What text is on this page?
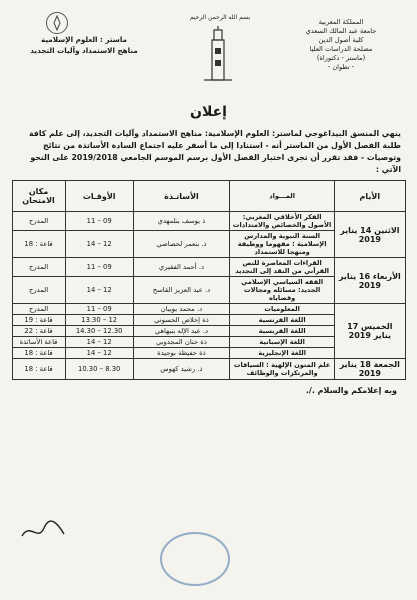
المملكة المغربية
جامعة عبد المالك السعدي
كلية أصول الدين
مصلحة الدراسات العليا
(ماستر - دكتوراة)
- تطوان -
بسم الله الرحمن الرحيم
ماستر : العلوم الإسلامية
مناهج الاستمداد وآليات التجديد
إعلان
ينهي المنسق البيداغوجي لماستر: العلوم الإسلامية: مناهج الاستمداد وآليات التجديد، إلى علم كافة طلبة الفصل الأول من الماستر أنه - استنادا إلى ما أسفر عليه اجتماع السادة الأساتذة من نتائج وتوصيات - فقد تقرر أن تجرى اختبار الفصل الأول برسم الموسم الجامعي 2019/2018 على النحو الآتي :
الأيام	المـــواد	الأساتـذة	الأوقـات	مكان الامتحان
الاثنين 14 يناير 2019	الفكر الأخلاقي المغربي: الأصول والخصائص والامتدادات	ذ يوسف بنلمهدي	09 – 11	المدرج
	السنة النبوية والمدارس الإسلامية : مفهوما ووظيفة ومنهجا للاستمداد	ذ. بنعمر لحصاصي	12 – 14	قاعة : 18
الأربعاء 16 يناير 2019	القراءات المعاصرة للنص القرآني من النقد إلى التجديد	د. أحمد الفقيري	09 – 11	المدرج
	الفقه السياسي الإسلامي الجديد: مسائله ومجالات وقضاياه	د. عبد العزيز القاسح	12 – 14	المدرج
الخميس 17 يناير 2019	المعلوميات	د. محمد بويبان	09 – 11	المدرج
	اللغة الفرنسية	ذة إخلاص الحسوني	12 – 13.30	قاعة : 19
	اللغة الفرنسية	د. عبد الإله بنبهاهي	12.30 – 14.30	قاعة : 22
	اللغة الإسبانية	ذة حنان المجدوبي	12 – 14	قاعة الأساتذة
	اللغة الإنجليزية	ذة حفيظة بوجيدة	12 – 14	قاعة : 18
الجمعة 18 يناير 2019	علم المتون الإلهية : السياقات والمرتكزات والوظائف	ذ. رشيد كهوس	8.30 – 10.30	قاعة : 18
وبه إعلامكم والسلام ./.
